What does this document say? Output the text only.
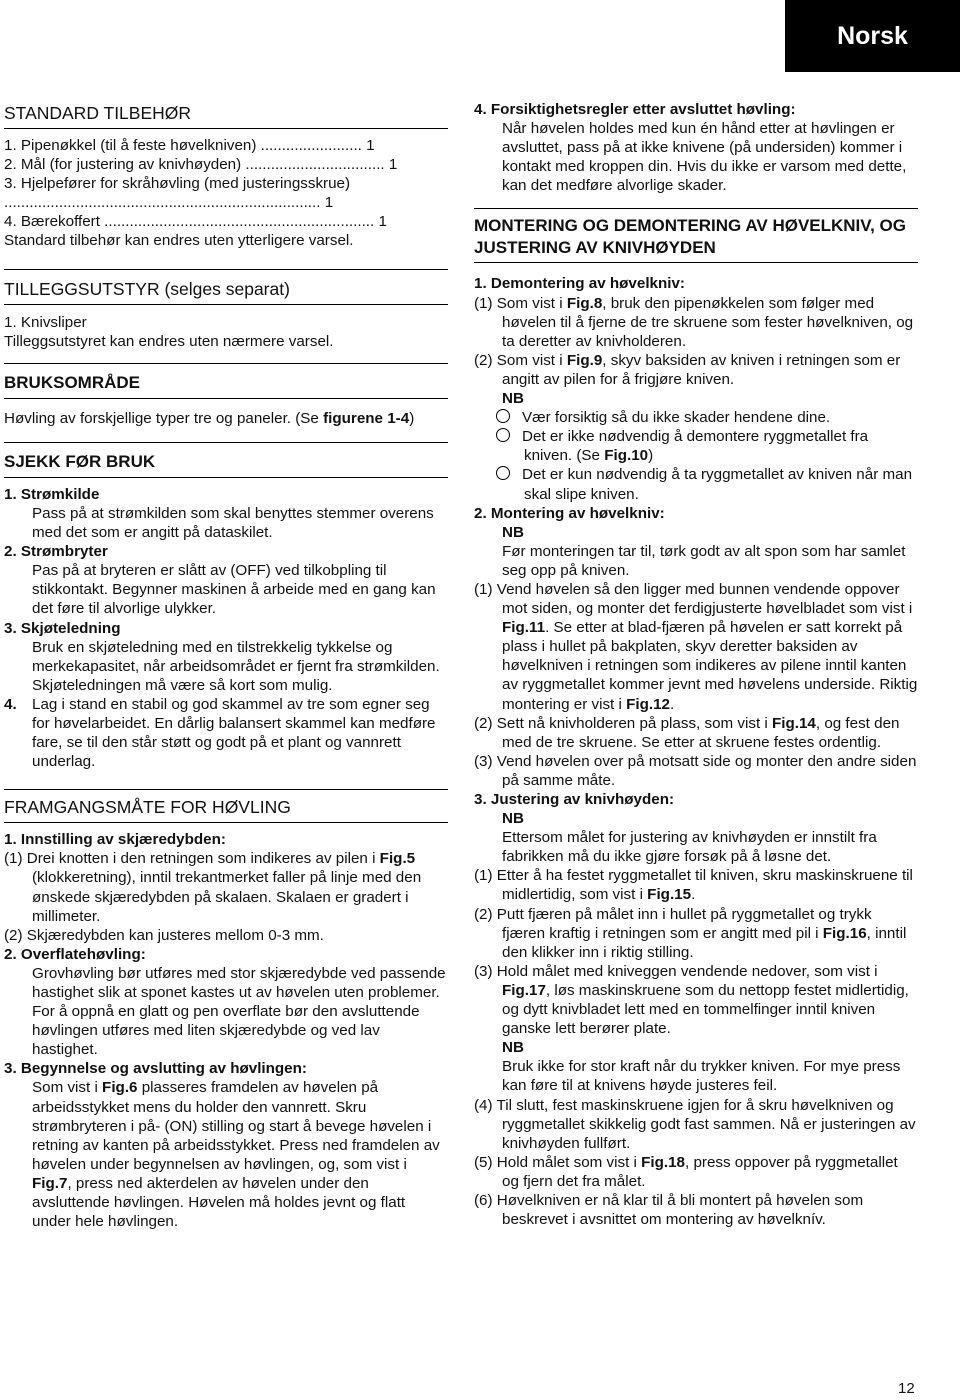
Norsk
STANDARD TILBEHØR

1. Pipenøkkel (til å feste høvelkniven) ........................ 1

2. Mål (for justering av knivhøyden) ................................. 1

3. Hjelpefører for skråhøvling (med justeringsskrue)

........................................................................... 1

4. Bærekoffert ................................................................ 1

Standard tilbehør kan endres uten ytterligere varsel.

TILLEGGSUTSTYR (selges separat)

1. Knivsliper

Tilleggsutstyret kan endres uten nærmere varsel.

BRUKSOMRÅDE

Høvling av forskjellige typer tre og paneler. (Se figurene 1-4)

SJEKK FØR BRUK

1. Strømkilde

Pass på at strømkilden som skal benyttes stemmer overens med det som er angitt på dataskilet.

2. Strømbryter

Pas på at bryteren er slått av (OFF) ved tilkobpling til stikkontakt. Begynner maskinen å arbeide med en gang kan det føre til alvorlige ulykker.

3. Skjøteledning

Bruk en skjøteledning med en tilstrekkelig tykkelse og merkekapasitet, når arbeidsområdet er fjernt fra strømkilden.

Skjøteledningen må være så kort som mulig.

4. Lag i stand en stabil og god skammel av tre som egner seg for høvelarbeidet. En dårlig balansert skammel kan medføre fare, se til den står støtt og godt på et plant og vannrett underlag.

FRAMGANGSMÅTE FOR HØVLING

1. Innstilling av skjæredybden:

(1) Drei knotten i den retningen som indikeres av pilen i Fig.5 (klokkeretning), inntil trekantmerket faller på linje med den ønskede skjæredybden på skalaen. Skalaen er gradert i millimeter.

(2) Skjæredybden kan justeres mellom 0-3 mm.

2. Overflatehøvling:

Grovhøvling bør utføres med stor skjæredybde ved passende hastighet slik at sponet kastes ut av høvelen uten problemer. For å oppnå en glatt og pen overflate bør den avsluttende høvlingen utføres med liten skjæredybde og ved lav hastighet.

3. Begynnelse og avslutting av høvlingen:

Som vist i Fig.6 plasseres framdelen av høvelen på arbeidsstykket mens du holder den vannrett. Skru strømbryteren i på- (ON) stilling og start å bevege høvelen i retning av kanten på arbeidsstykket. Press ned framdelen av høvelen under begynnelsen av høvlingen, og, som vist i Fig.7, press ned akterdelen av høvelen under den avsluttende høvlingen. Høvelen må holdes jevnt og flatt under hele høvlingen.

4. Forsiktighetsregler etter avsluttet høvling:

Når høvelen holdes med kun én hånd etter at høvlingen er avsluttet, pass på at ikke knivene (på undersiden) kommer i kontakt med kroppen din. Hvis du ikke er varsom med dette, kan det medføre alvorlige skader.

MONTERING OG DEMONTERING AV HØVELKNIV, OG JUSTERING AV KNIVHØYDEN

1. Demontering av høvelkniv:

(1) Som vist i Fig.8, bruk den pipenøkkelen som følger med høvelen til å fjerne de tre skruene som fester høvelkniven, og ta deretter av knivholderen.

(2) Som vist i Fig.9, skyv baksiden av kniven i retningen som er angitt av pilen for å frigjøre kniven.

NB

Vær forsiktig så du ikke skader hendene dine.

Det er ikke nødvendig å demontere ryggmetallet fra kniven. (Se Fig.10)

Det er kun nødvendig å ta ryggmetallet av kniven når man skal slipe kniven.

2. Montering av høvelkniv:

NB

Før monteringen tar til, tørk godt av alt spon som har samlet seg opp på kniven.

(1) Vend høvelen så den ligger med bunnen vendende oppover mot siden, og monter det ferdigjusterte høvelbladet som vist i Fig.11. Se etter at blad-fjæren på høvelen er satt korrekt på plass i hullet på bakplaten, skyv deretter baksiden av høvelkniven i retningen som indikeres av pilene inntil kanten av ryggmetallet kommer jevnt med høvelens underside. Riktig montering er vist i Fig.12.

(2) Sett nå knivholderen på plass, som vist i Fig.14, og fest den med de tre skruene. Se etter at skruene festes ordentlig.

(3) Vend høvelen over på motsatt side og monter den andre siden på samme måte.

3. Justering av knivhøyden:

NB

Ettersom målet for justering av knivhøyden er innstilt fra fabrikken må du ikke gjøre forsøk på å løsne det.

(1) Etter å ha festet ryggmetallet til kniven, skru maskinskruene til midlertidig, som vist i Fig.15.

(2) Putt fjæren på målet inn i hullet på ryggmetallet og trykk fjæren kraftig i retningen som er angitt med pil i Fig.16, inntil den klikker inn i riktig stilling.

(3) Hold målet med knivеggen vendende nedover, som vist i Fig.17, løs maskinskruene som du nettopp festet midlertidig, og dytt knivbladet lett med en tommelfinger inntil kniven ganske lett berører plate.

NB

Bruk ikke for stor kraft når du trykker kniven. For mye press kan føre til at knivens høyde justeres feil.

(4) Til slutt, fest maskinskruene igjen for å skru høvelkniven og ryggmetallet skikkelig godt fast sammen. Nå er justeringen av knivhøyden fullført.

(5) Hold målet som vist i Fig.18, press oppover på ryggmetallet og fjern det fra målet.

(6) Høvelkniven er nå klar til å bli montert på høvelen som beskrevet i avsnittet om montering av høvelknív.

12
